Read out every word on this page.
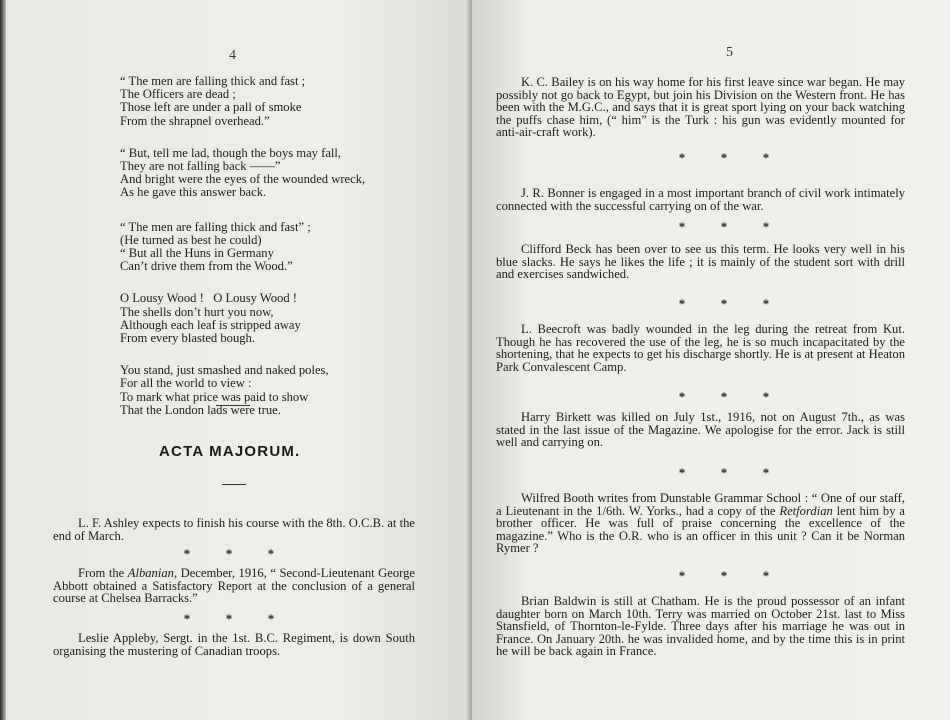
4

“ The men are falling thick and fast ;

The Officers are dead ;

Those left are under a pall of smoke

From the shrapnel overhead.”

“ But, tell me lad, though the boys may fall,

They are not falling back ——”

And bright were the eyes of the wounded wreck,

As he gave this answer back.

“ The men are falling thick and fast” ;

(He turned as best he could)

“ But all the Huns in Germany

Can’t drive them from the Wood.”

O Lousy Wood !   O Lousy Wood !

The shells don’t hurt you now,

Although each leaf is stripped away

From every blasted bough.

You stand, just smashed and naked poles,

For all the world to view :

To mark what price was paid to show

That the London lads were true.

ACTA MAJORUM.

L. F. Ashley expects to finish his course with the 8th. O.C.B. at the end of March.

*	*	*

From the Albanian, December, 1916, “ Second-Lieutenant George Abbott obtained a Satisfactory Report at the conclusion of a general course at Chelsea Barracks.”

*	*	*

Leslie Appleby, Sergt. in the 1st. B.C. Regiment, is down South organising the mustering of Canadian troops.

5

K. C. Bailey is on his way home for his first leave since war began. He may possibly not go back to Egypt, but join his Division on the Western front. He has been with the M.G.C., and says that it is great sport lying on your back watching the puffs chase him, (“ him” is the Turk : his gun was evidently mounted for anti-air-craft work).

*	*	*

J. R. Bonner is engaged in a most important branch of civil work intimately connected with the successful carrying on of the war.

*	*	*

Clifford Beck has been over to see us this term. He looks very well in his blue slacks. He says he likes the life ; it is mainly of the student sort with drill and exercises sandwiched.

*	*	*

L. Beecroft was badly wounded in the leg during the retreat from Kut. Though he has recovered the use of the leg, he is so much incapacitated by the shortening, that he expects to get his discharge shortly. He is at present at Heaton Park Convalescent Camp.

*	*	*

Harry Birkett was killed on July 1st., 1916, not on August 7th., as was stated in the last issue of the Magazine. We apologise for the error. Jack is still well and carrying on.

*	*	*

Wilfred Booth writes from Dunstable Grammar School : “ One of our staff, a Lieutenant in the 1/6th. W. Yorks., had a copy of the Retfordian lent him by a brother officer. He was full of praise concerning the excellence of the magazine.” Who is the O.R. who is an officer in this unit ? Can it be Norman Rymer ?

*	*	*

Brian Baldwin is still at Chatham. He is the proud possessor of an infant daughter born on March 10th. Terry was married on October 21st. last to Miss Stansfield, of Thornton-le-Fylde. Three days after his marriage he was out in France. On January 20th. he was invalided home, and by the time this is in print he will be back again in France.
